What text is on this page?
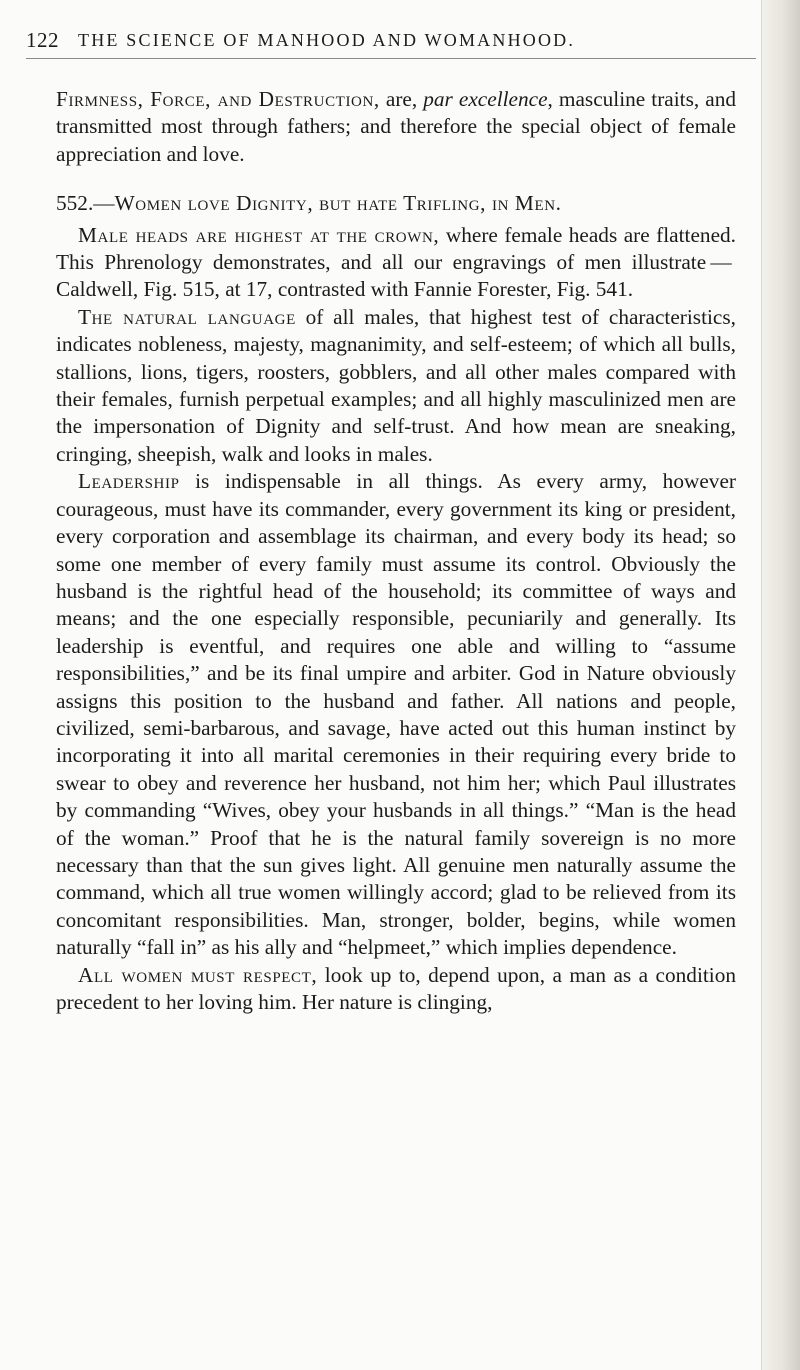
122 THE SCIENCE OF MANHOOD AND WOMANHOOD.

Firmness, Force, and Destruction, are, par excellence, masculine traits, and transmitted most through fathers; and therefore the special object of female appreciation and love.

552.—Women love Dignity, but hate Trifling, in Men.

Male heads are highest at the crown, where female heads are flattened. This Phrenology demonstrates, and all our engravings of men illustrate — Caldwell, Fig. 515, at 17, contrasted with Fannie Forester, Fig. 541.

The natural language of all males, that highest test of characteristics, indicates nobleness, majesty, magnanimity, and self-esteem; of which all bulls, stallions, lions, tigers, roosters, gobblers, and all other males compared with their females, furnish perpetual examples; and all highly masculinized men are the impersonation of Dignity and self-trust. And how mean are sneaking, cringing, sheepish, walk and looks in males.

Leadership is indispensable in all things. As every army, however courageous, must have its commander, every government its king or president, every corporation and assemblage its chairman, and every body its head; so some one member of every family must assume its control. Obviously the husband is the rightful head of the household; its committee of ways and means; and the one especially responsible, pecuniarily and generally. Its leadership is eventful, and requires one able and willing to “assume responsibilities,” and be its final umpire and arbiter. God in Nature obviously assigns this position to the husband and father. All nations and people, civilized, semi-barbarous, and savage, have acted out this human instinct by incorporating it into all marital ceremonies in their requiring every bride to swear to obey and reverence her husband, not him her; which Paul illustrates by commanding “Wives, obey your husbands in all things.” “Man is the head of the woman.” Proof that he is the natural family sovereign is no more necessary than that the sun gives light. All genuine men naturally assume the command, which all true women willingly accord; glad to be relieved from its concomitant responsibilities. Man, stronger, bolder, begins, while women naturally “fall in” as his ally and “helpmeet,” which implies dependence.

All women must respect, look up to, depend upon, a man as a condition precedent to her loving him. Her nature is clinging,
